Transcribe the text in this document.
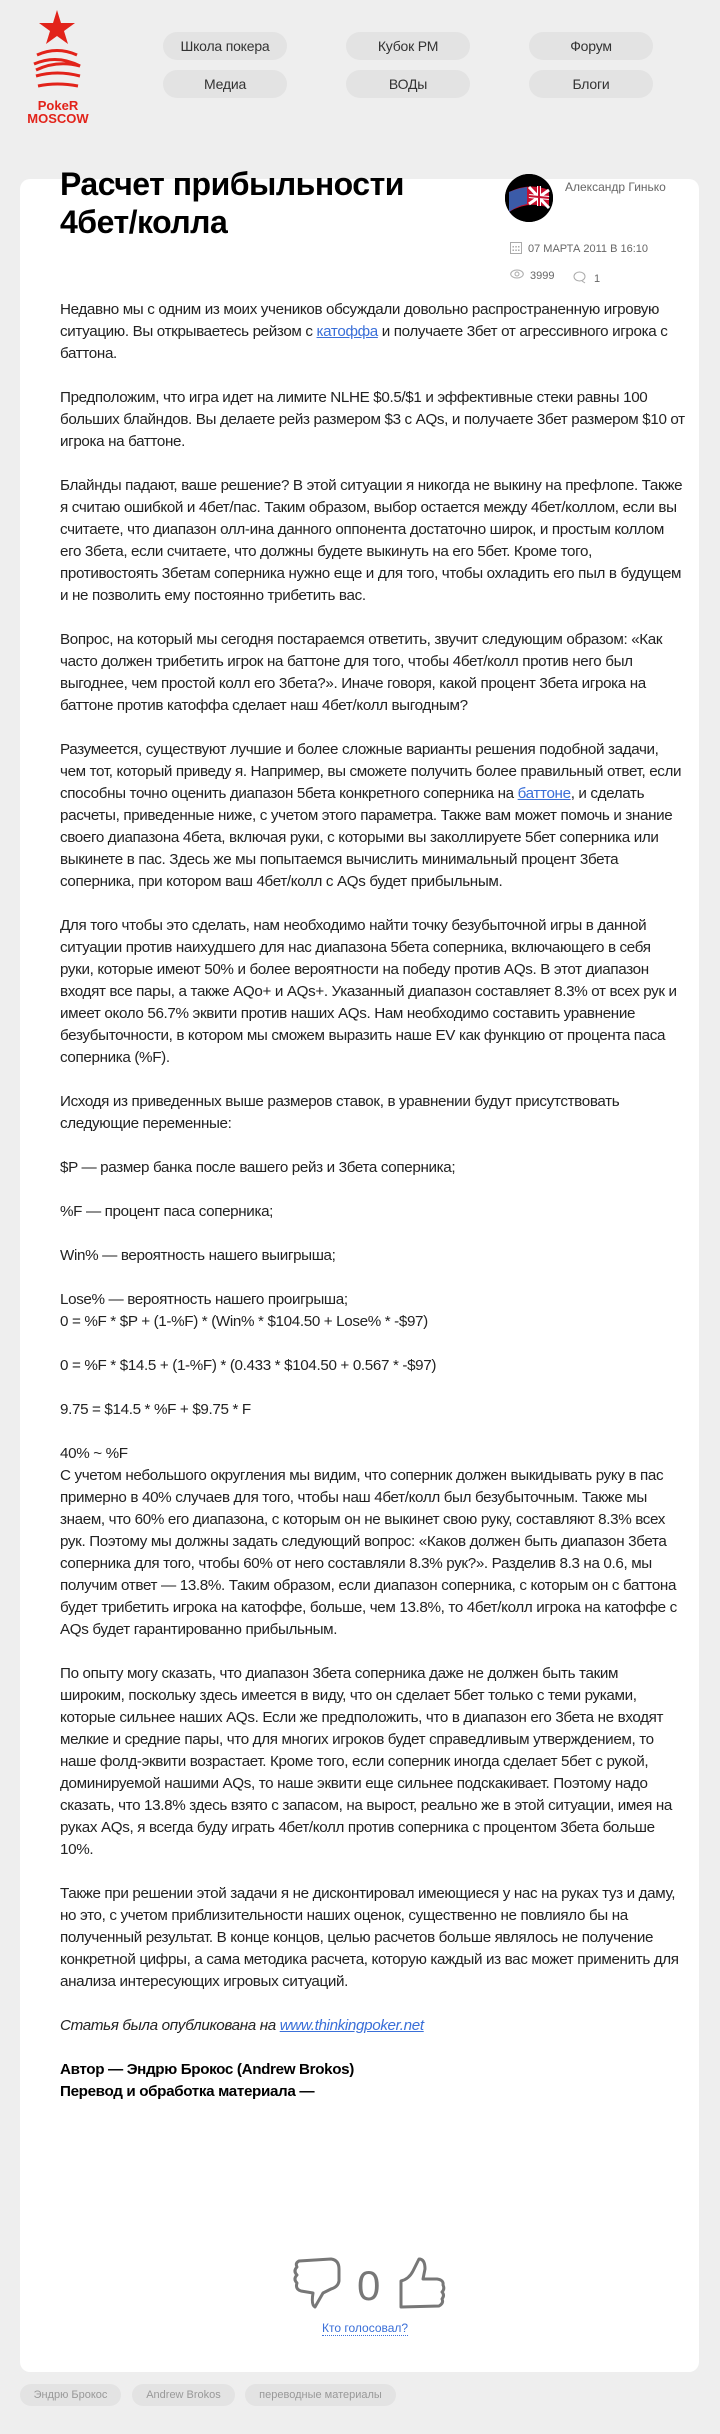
PokeR
MOSCOW
Школа покера	Кубок РМ	Форум
Медиа	ВОДы	Блоги
Расчет прибыльности 4бет/колла
Александр Гинько
07 МАРТА 2011 В 16:10
3999	1

Недавно мы с одним из моих учеников обсуждали довольно распространенную игровую ситуацию. Вы открываетесь рейзом с катоффа и получаете 3бет от агрессивного игрока с баттона.

Предположим, что игра идет на лимите NLHE $0.5/$1 и эффективные стеки равны 100 больших блайндов. Вы делаете рейз размером $3 с AQs, и получаете 3бет размером $10 от игрока на баттоне.

Блайнды падают, ваше решение? В этой ситуации я никогда не выкину на префлопе. Также я считаю ошибкой и 4бет/пас. Таким образом, выбор остается между 4бет/коллом, если вы считаете, что диапазон олл-ина данного оппонента достаточно широк, и простым коллом его 3бета, если считаете, что должны будете выкинуть на его 5бет. Кроме того, противостоять 3бетам соперника нужно еще и для того, чтобы охладить его пыл в будущем и не позволить ему постоянно трибетить вас.

Вопрос, на который мы сегодня постараемся ответить, звучит следующим образом: «Как часто должен трибетить игрок на баттоне для того, чтобы 4бет/колл против него был выгоднее, чем простой колл его 3бета?». Иначе говоря, какой процент 3бета игрока на баттоне против катоффа сделает наш 4бет/колл выгодным?

Разумеется, существуют лучшие и более сложные варианты решения подобной задачи, чем тот, который приведу я. Например, вы сможете получить более правильный ответ, если способны точно оценить диапазон 5бета конкретного соперника на баттоне, и сделать расчеты, приведенные ниже, с учетом этого параметра. Также вам может помочь и знание своего диапазона 4бета, включая руки, с которыми вы заколлируете 5бет соперника или выкинете в пас. Здесь же мы попытаемся вычислить минимальный процент 3бета соперника, при котором ваш 4бет/колл с AQs будет прибыльным.

Для того чтобы это сделать, нам необходимо найти точку безубыточной игры в данной ситуации против наихудшего для нас диапазона 5бета соперника, включающего в себя руки, которые имеют 50% и более вероятности на победу против AQs. В этот диапазон входят все пары, а также AQo+ и AQs+. Указанный диапазон составляет 8.3% от всех рук и имеет около 56.7% эквити против наших AQs. Нам необходимо составить уравнение безубыточности, в котором мы сможем выразить наше EV как функцию от процента паса соперника (%F).

Исходя из приведенных выше размеров ставок, в уравнении будут присутствовать следующие переменные:

$P — размер банка после вашего рейз и 3бета соперника;

%F — процент паса соперника;

Win% — вероятность нашего выигрыша;

Lose% — вероятность нашего проигрыша;

0 = %F * $P + (1-%F) * (Win% * $104.50 + Lose% * -$97)

0 = %F * $14.5 + (1-%F) * (0.433 * $104.50 + 0.567 * -$97)

9.75 = $14.5 * %F + $9.75 * F

40% ~ %F

С учетом небольшого округления мы видим, что соперник должен выкидывать руку в пас примерно в 40% случаев для того, чтобы наш 4бет/колл был безубыточным. Также мы знаем, что 60% его диапазона, с которым он не выкинет свою руку, составляют 8.3% всех рук. Поэтому мы должны задать следующий вопрос: «Каков должен быть диапазон 3бета соперника для того, чтобы 60% от него составляли 8.3% рук?». Разделив 8.3 на 0.6, мы получим ответ — 13.8%. Таким образом, если диапазон соперника, с которым он с баттона будет трибетить игрока на катоффе, больше, чем 13.8%, то 4бет/колл игрока на катоффе с AQs будет гарантированно прибыльным.

По опыту могу сказать, что диапазон 3бета соперника даже не должен быть таким широким, поскольку здесь имеется в виду, что он сделает 5бет только с теми руками, которые сильнее наших AQs. Если же предположить, что в диапазон его 3бета не входят мелкие и средние пары, что для многих игроков будет справедливым утверждением, то наше фолд-эквити возрастает. Кроме того, если соперник иногда сделает 5бет с рукой, доминируемой нашими AQs, то наше эквити еще сильнее подскакивает. Поэтому надо сказать, что 13.8% здесь взято с запасом, на вырост, реально же в этой ситуации, имея на руках AQs, я всегда буду играть 4бет/колл против соперника с процентом 3бета больше 10%.

Также при решении этой задачи я не дисконтировал имеющиеся у нас на руках туз и даму, но это, с учетом приблизительности наших оценок, существенно не повлияло бы на полученный результат. В конце концов, целью расчетов больше являлось не получение конкретной цифры, а сама методика расчета, которую каждый из вас может применить для анализа интересующих игровых ситуаций.

Статья была опубликована на www.thinkingpoker.net

Автор — Эндрю Брокос (Andrew Brokos)
Перевод и обработка материала —

0
Кто голосовал?
Эндрю Брокос	Andrew Brokos	переводные материалы
